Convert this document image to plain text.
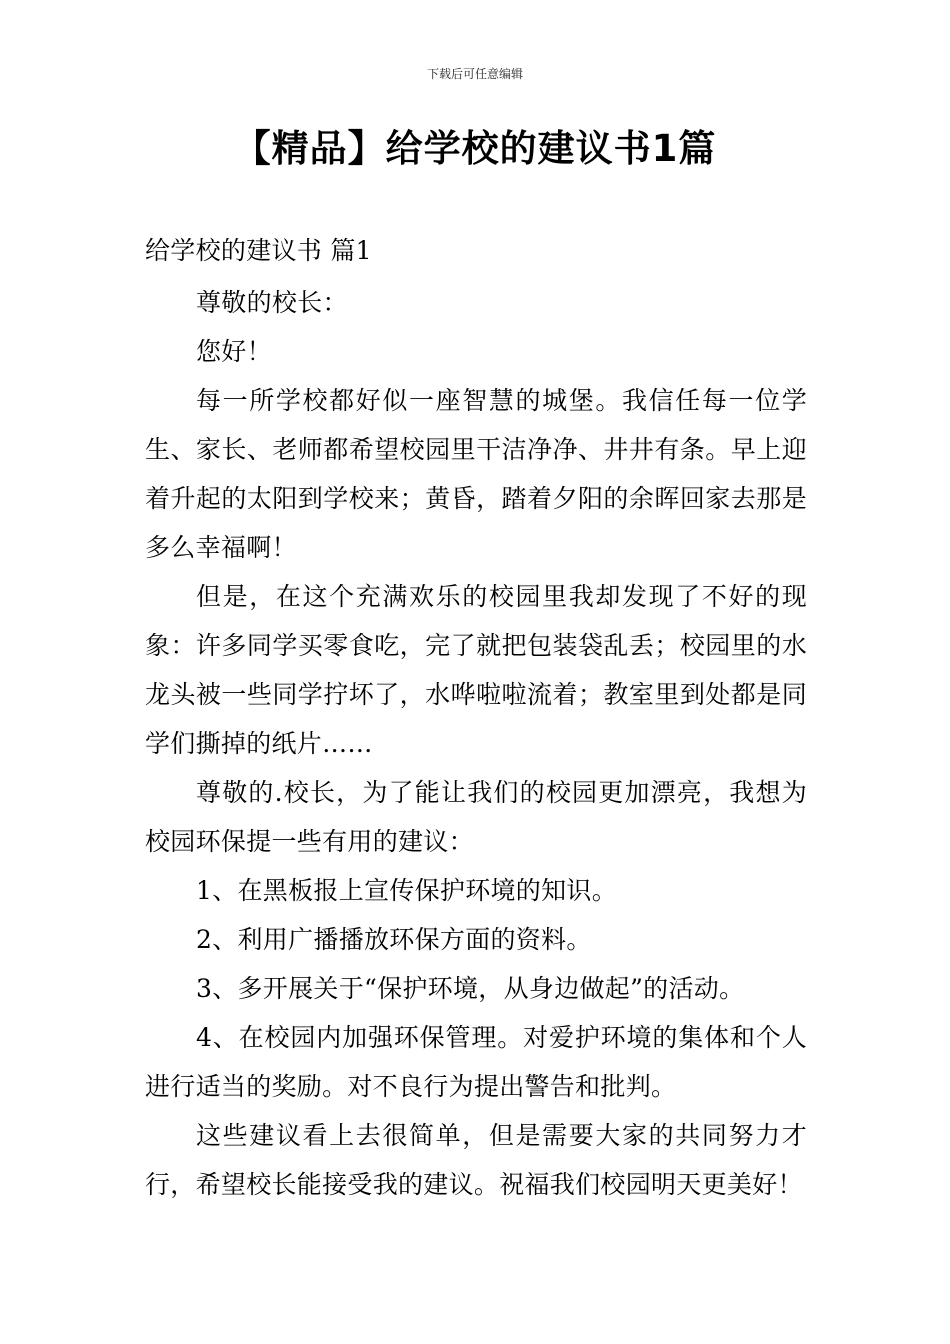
下载后可任意编辑
【精品】给学校的建议书1篇

给学校的建议书 篇1

尊敬的校长：

您好！

每一所学校都好似一座智慧的城堡。我信任每一位学生、家长、老师都希望校园里干洁净净、井井有条。早上迎着升起的太阳到学校来；黄昏，踏着夕阳的余晖回家去那是多么幸福啊！

但是，在这个充满欢乐的校园里我却发现了不好的现象：许多同学买零食吃，完了就把包装袋乱丢；校园里的水龙头被一些同学拧坏了，水哗啦啦流着；教室里到处都是同学们撕掉的纸片……

尊敬的.校长，为了能让我们的校园更加漂亮，我想为校园环保提一些有用的建议：

1、在黑板报上宣传保护环境的知识。

2、利用广播播放环保方面的资料。

3、多开展关于“保护环境，从身边做起”的活动。

4、在校园内加强环保管理。对爱护环境的集体和个人进行适当的奖励。对不良行为提出警告和批判。

这些建议看上去很简单，但是需要大家的共同努力才行，希望校长能接受我的建议。祝福我们校园明天更美好！
